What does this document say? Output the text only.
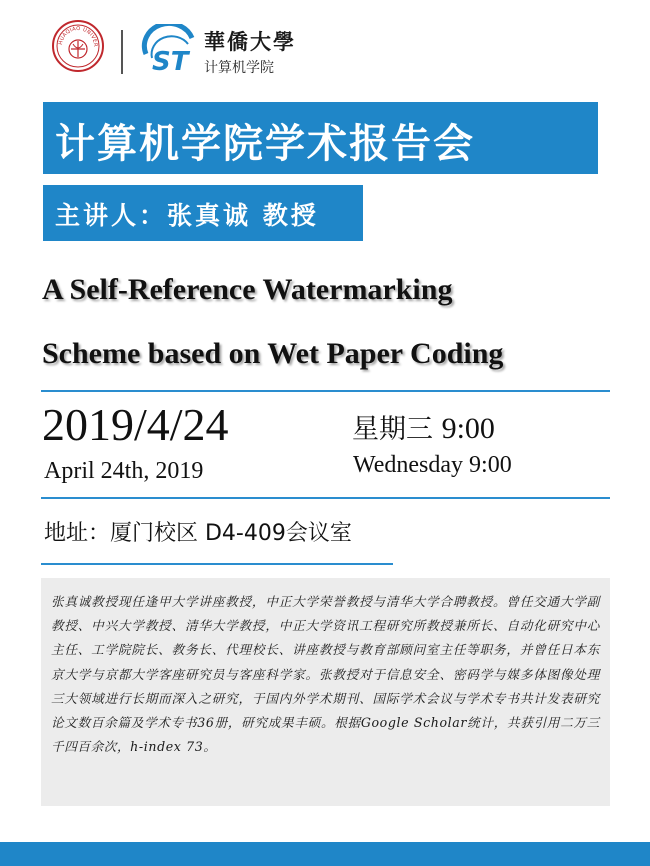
HUAQIAO UNIVER
ST
華僑大學
计算机学院
计算机学院学术报告会
主讲人：张真诚 教授
A Self-Reference Watermarking
Scheme based on Wet Paper Coding
2019/4/24
April 24th, 2019
星期三 9:00
Wednesday 9:00
地址：厦门校区 D4-409会议室

张真诚教授现任逢甲大学讲座教授，中正大学荣誉教授与清华大学合聘教授。曾任交通大学副教授、中兴大学教授、清华大学教授，中正大学资讯工程研究所教授兼所长、自动化研究中心主任、工学院院长、教务长、代理校长、讲座教授与教育部顾问室主任等职务，并曾任日本东京大学与京都大学客座研究员与客座科学家。张教授对于信息安全、密码学与媒多体图像处理三大领域进行长期而深入之研究，于国内外学术期刊、国际学术会议与学术专书共计发表研究论文数百余篇及学术专书36册，研究成果丰硕。根据Google Scholar统计，共获引用二万三千四百余次，h-index 73。
